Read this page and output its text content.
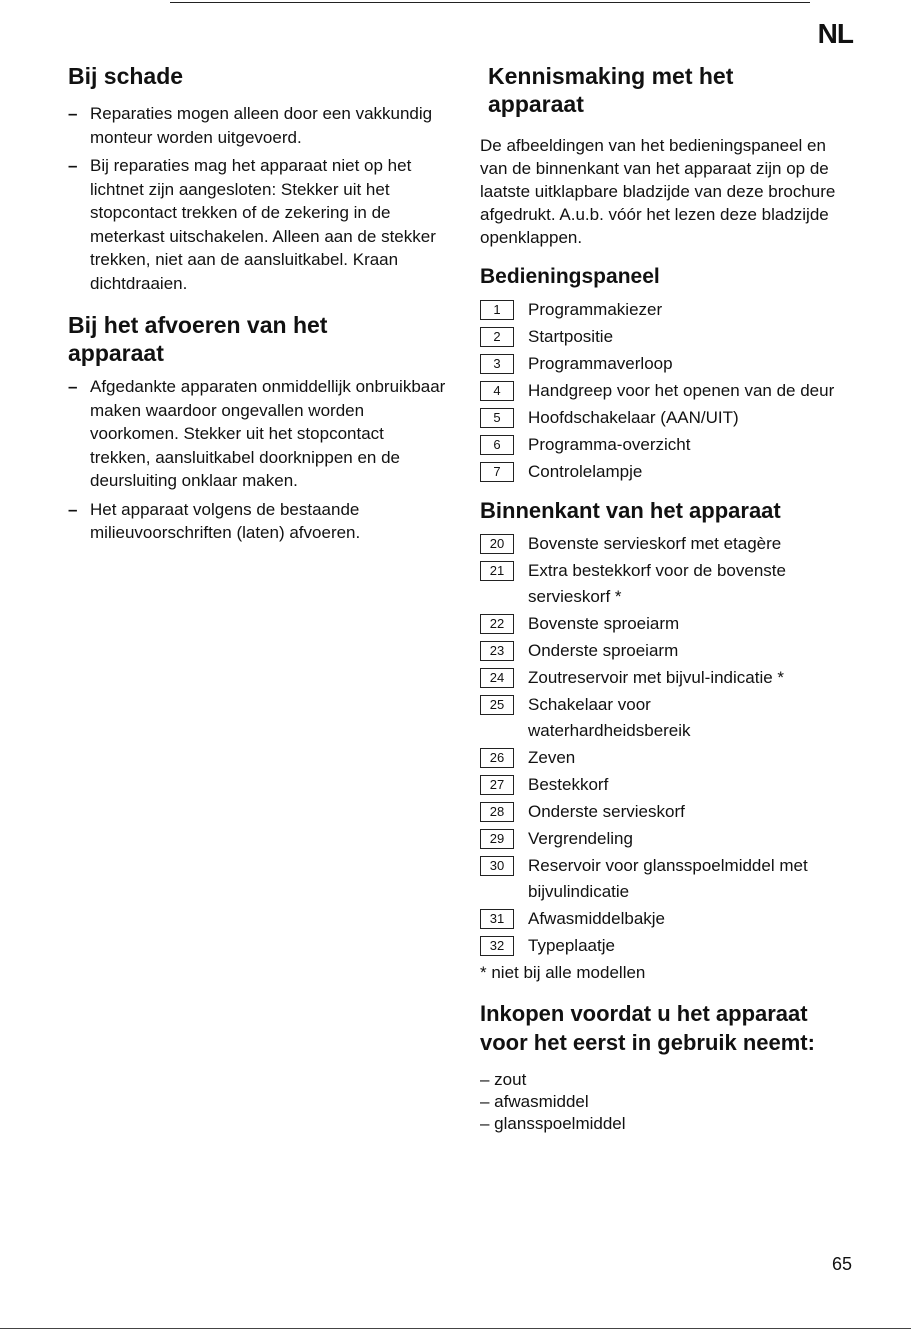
NL
Bij schade
– Reparaties mogen alleen door een vakkundig monteur worden uitgevoerd.
– Bij reparaties mag het apparaat niet op het lichtnet zijn aangesloten: Stekker uit het stopcontact trekken of de zekering in de meterkast uitschakelen. Alleen aan de stekker trekken, niet aan de aansluitkabel. Kraan dichtdraaien.
Bij het afvoeren van het apparaat
– Afgedankte apparaten onmiddellijk onbruikbaar maken waardoor ongevallen worden voorkomen. Stekker uit het stopcontact trekken, aansluitkabel doorknippen en de deursluiting onklaar maken.
– Het apparaat volgens de bestaande milieuvoorschriften (laten) afvoeren.
Kennismaking met het apparaat

De afbeeldingen van het bedieningspaneel en van de binnenkant van het apparaat zijn op de laatste uitklapbare bladzijde van deze brochure afgedrukt. A.u.b. vóór het lezen deze bladzijde openklappen.

Bedieningspaneel
1	Programmakiezer
2	Startpositie
3	Programmaverloop
4	Handgreep voor het openen van de deur
5	Hoofdschakelaar (AAN/UIT)
6	Programma-overzicht
7	Controlelampje
Binnenkant van het apparaat
20	Bovenste servieskorf met etagère
21	Extra bestekkorf voor de bovenste servieskorf *
22	Bovenste sproeiarm
23	Onderste sproeiarm
24	Zoutreservoir met bijvul-indicatie *
25	Schakelaar voor waterhardheidsbereik
26	Zeven
27	Bestekkorf
28	Onderste servieskorf
29	Vergrendeling
30	Reservoir voor glansspoelmiddel met bijvulindicatie
31	Afwasmiddelbakje
32	Typeplaatje
* niet bij alle modellen
Inkopen voordat u het apparaat voor het eerst in gebruik neemt:
– zout
– afwasmiddel
– glansspoelmiddel
65
